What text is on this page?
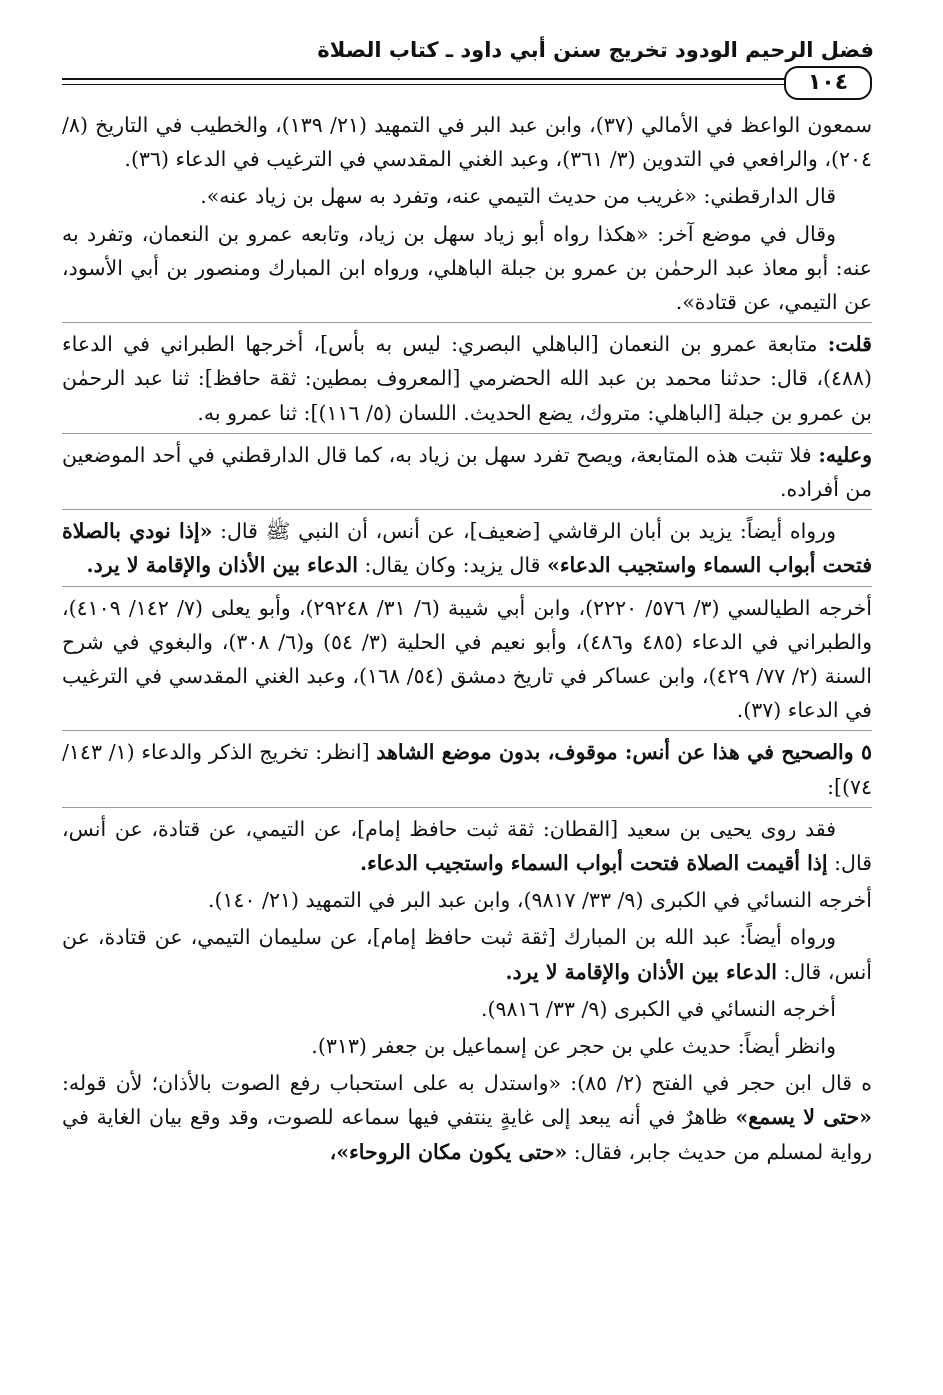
فضل الرحيم الودود تخريج سنن أبي داود ـ كتاب الصلاة
١٠٤

سمعون الواعظ في الأمالي (٣٧)، وابن عبد البر في التمهيد (٢١/ ١٣٩)، والخطيب في التاريخ (٨/ ٢٠٤)، والرافعي في التدوين (٣/ ٣٦١)، وعبد الغني المقدسي في الترغيب في الدعاء (٣٦).

قال الدارقطني: «غريب من حديث التيمي عنه، وتفرد به سهل بن زياد عنه».

وقال في موضع آخر: «هكذا رواه أبو زياد سهل بن زياد، وتابعه عمرو بن النعمان، وتفرد به عنه: أبو معاذ عبد الرحمٰن بن عمرو بن جبلة الباهلي، ورواه ابن المبارك ومنصور بن أبي الأسود، عن التيمي، عن قتادة».

قلت: متابعة عمرو بن النعمان [الباهلي البصري: ليس به بأس]، أخرجها الطبراني في الدعاء (٤٨٨)، قال: حدثنا محمد بن عبد الله الحضرمي [المعروف بمطين: ثقة حافظ]: ثنا عبد الرحمٰن بن عمرو بن جبلة [الباهلي: متروك، يضع الحديث. اللسان (٥/ ١١٦)]: ثنا عمرو به.

وعليه: فلا تثبت هذه المتابعة، ويصح تفرد سهل بن زياد به، كما قال الدارقطني في أحد الموضعين من أفراده.

ورواه أيضاً: يزيد بن أبان الرقاشي [ضعيف]، عن أنس، أن النبي ﷺ قال: «إذا نودي بالصلاة فتحت أبواب السماء واستجيب الدعاء» قال يزيد: وكان يقال: الدعاء بين الأذان والإقامة لا يرد.

أخرجه الطيالسي (٣/ ٥٧٦/ ٢٢٢٠)، وابن أبي شيبة (٦/ ٣١/ ٢٩٢٤٨)، وأبو يعلى (٧/ ١٤٢/ ٤١٠٩)، والطبراني في الدعاء (٤٨٥ و٤٨٦)، وأبو نعيم في الحلية (٣/ ٥٤) و(٦/ ٣٠٨)، والبغوي في شرح السنة (٢/ ٧٧/ ٤٢٩)، وابن عساكر في تاريخ دمشق (٥٤/ ١٦٨)، وعبد الغني المقدسي في الترغيب في الدعاء (٣٧).

٥ والصحيح في هذا عن أنس: موقوف، بدون موضع الشاهد [انظر: تخريج الذكر والدعاء (١/ ١٤٣/ ٧٤)]:

فقد روى يحيى بن سعيد [القطان: ثقة ثبت حافظ إمام]، عن التيمي، عن قتادة، عن أنس، قال: إذا أقيمت الصلاة فتحت أبواب السماء واستجيب الدعاء.

أخرجه النسائي في الكبرى (٩/ ٣٣/ ٩٨١٧)، وابن عبد البر في التمهيد (٢١/ ١٤٠).

ورواه أيضاً: عبد الله بن المبارك [ثقة ثبت حافظ إمام]، عن سليمان التيمي، عن قتادة، عن أنس، قال: الدعاء بين الأذان والإقامة لا يرد.

أخرجه النسائي في الكبرى (٩/ ٣٣/ ٩٨١٦).

وانظر أيضاً: حديث علي بن حجر عن إسماعيل بن جعفر (٣١٣).

ه قال ابن حجر في الفتح (٢/ ٨٥): «واستدل به على استحباب رفع الصوت بالأذان؛ لأن قوله: «حتى لا يسمع» ظاهرٌ في أنه يبعد إلى غايةٍ ينتفي فيها سماعه للصوت، وقد وقع بيان الغاية في رواية لمسلم من حديث جابر، فقال: «حتى يكون مكان الروحاء»،
